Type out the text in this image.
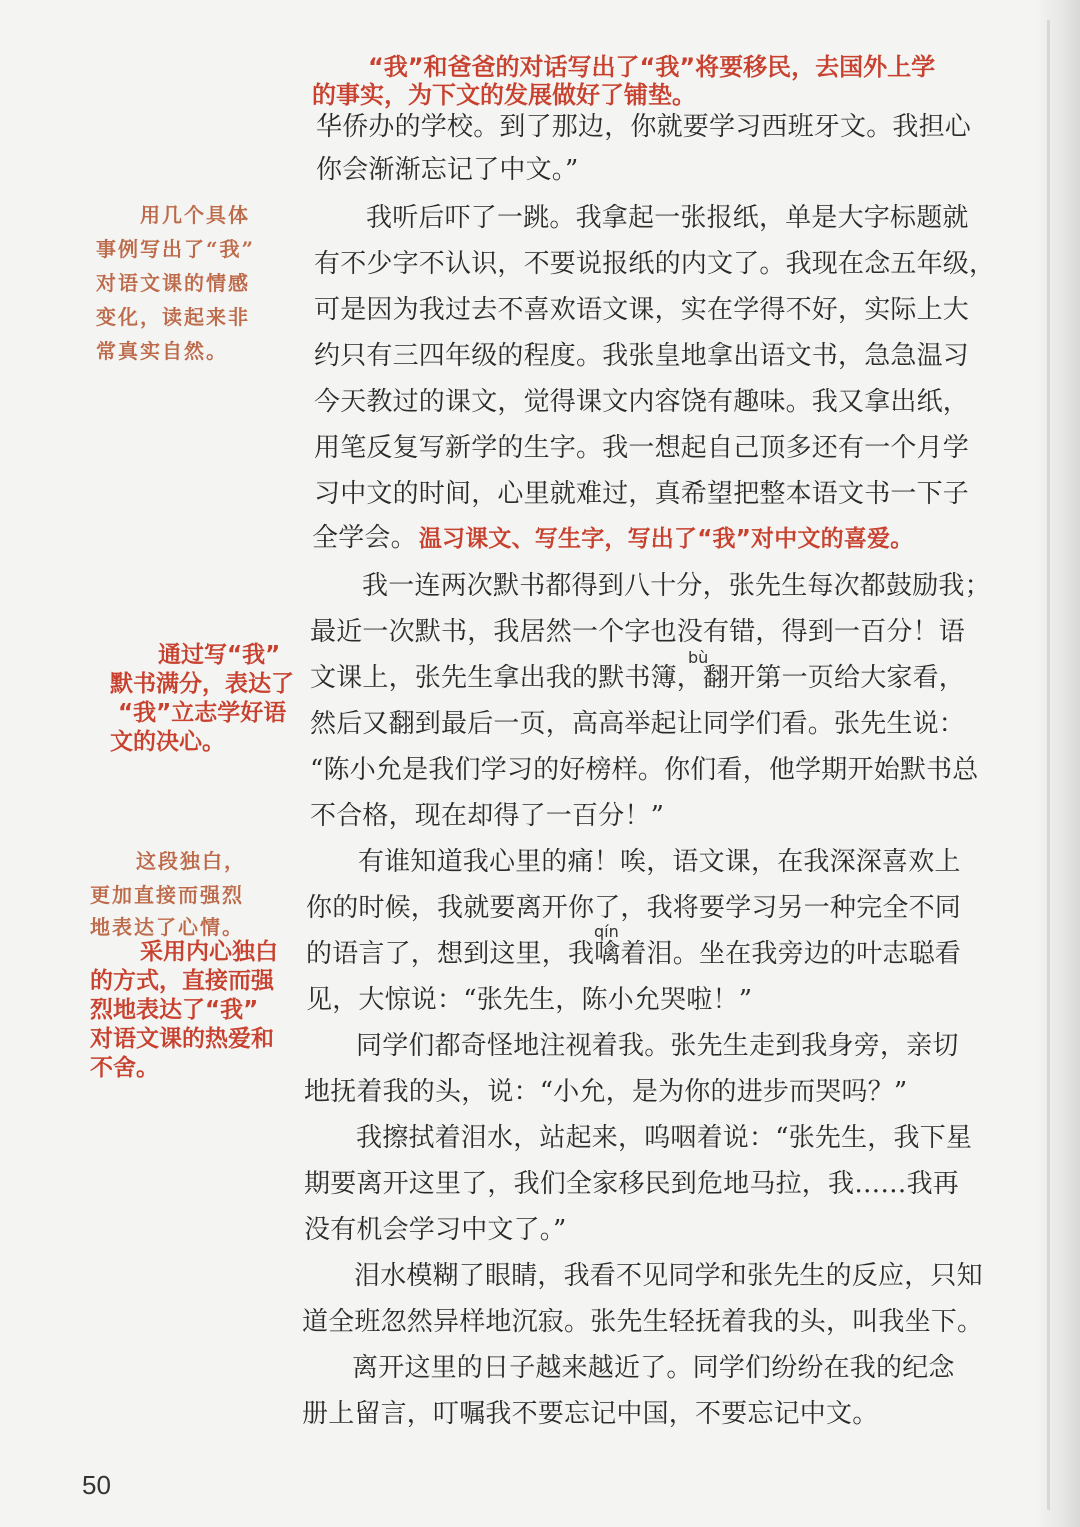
“我”和爸爸的对话写出了“我”将要移民，去国外上学
的事实，为下文的发展做好了铺垫。
华侨办的学校。到了那边，你就要学习西班牙文。我担心
你会渐渐忘记了中文。”
我听后吓了一跳。我拿起一张报纸，单是大字标题就
有不少字不认识，不要说报纸的内文了。我现在念五年级，
可是因为我过去不喜欢语文课，实在学得不好，实际上大
约只有三四年级的程度。我张皇地拿出语文书，急急温习
今天教过的课文，觉得课文内容饶有趣味。我又拿出纸，
用笔反复写新学的生字。我一想起自己顶多还有一个月学
习中文的时间，心里就难过，真希望把整本语文书一下子
全学会。温习课文、写生字，写出了“我”对中文的喜爱。
我一连两次默书都得到八十分，张先生每次都鼓励我；
最近一次默书，我居然一个字也没有错，得到一百分！语
bù
文课上，张先生拿出我的默书簿，翻开第一页给大家看，
然后又翻到最后一页，高高举起让同学们看。张先生说：
“陈小允是我们学习的好榜样。你们看，他学期开始默书总
不合格，现在却得了一百分！”
有谁知道我心里的痛！唉，语文课，在我深深喜欢上
你的时候，我就要离开你了，我将要学习另一种完全不同
qín
的语言了，想到这里，我噙着泪。坐在我旁边的叶志聪看
见，大惊说：“张先生，陈小允哭啦！”
同学们都奇怪地注视着我。张先生走到我身旁，亲切
地抚着我的头，说：“小允，是为你的进步而哭吗？”
我擦拭着泪水，站起来，呜咽着说：“张先生，我下星
期要离开这里了，我们全家移民到危地马拉，我……我再
没有机会学习中文了。”
泪水模糊了眼睛，我看不见同学和张先生的反应，只知
道全班忽然异样地沉寂。张先生轻抚着我的头，叫我坐下。
离开这里的日子越来越近了。同学们纷纷在我的纪念
册上留言，叮嘱我不要忘记中国，不要忘记中文。
用几个具体
事例写出了“我”
对语文课的情感
变化，读起来非
常真实自然。
通过写“我”
默书满分，表达了
“我”立志学好语
文的决心。
这段独白，
更加直接而强烈
地表达了心情。
采用内心独白
的方式，直接而强
烈地表达了“我”
对语文课的热爱和
不舍。
50
